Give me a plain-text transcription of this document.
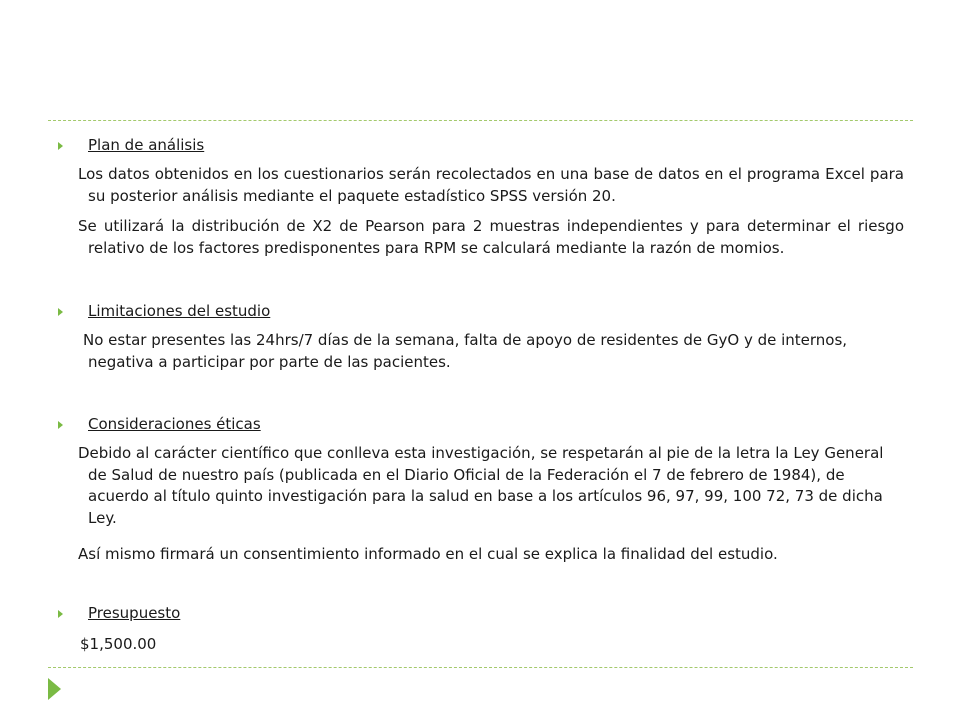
Plan de análisis
Los datos obtenidos en los cuestionarios serán recolectados en una base de datos en el programa Excel para su posterior análisis mediante el paquete estadístico SPSS versión 20.
Se utilizará la distribución de X2 de Pearson para 2 muestras independientes y para determinar el riesgo relativo de los factores predisponentes para RPM se calculará mediante la razón de momios.
Limitaciones del estudio
No estar presentes las 24hrs/7 días de la semana, falta de apoyo de residentes de GyO y de internos, negativa a participar por parte de las pacientes.
Consideraciones éticas
Debido al carácter científico que conlleva esta investigación, se respetarán al pie de la letra la Ley General de Salud de nuestro país (publicada en el Diario Oficial de la Federación el 7 de febrero de 1984), de acuerdo al título quinto investigación para la salud en base a los artículos 96, 97, 99, 100 72, 73 de dicha Ley.
Así mismo firmará un consentimiento informado en el cual se explica la finalidad del estudio.
Presupuesto
$1,500.00
